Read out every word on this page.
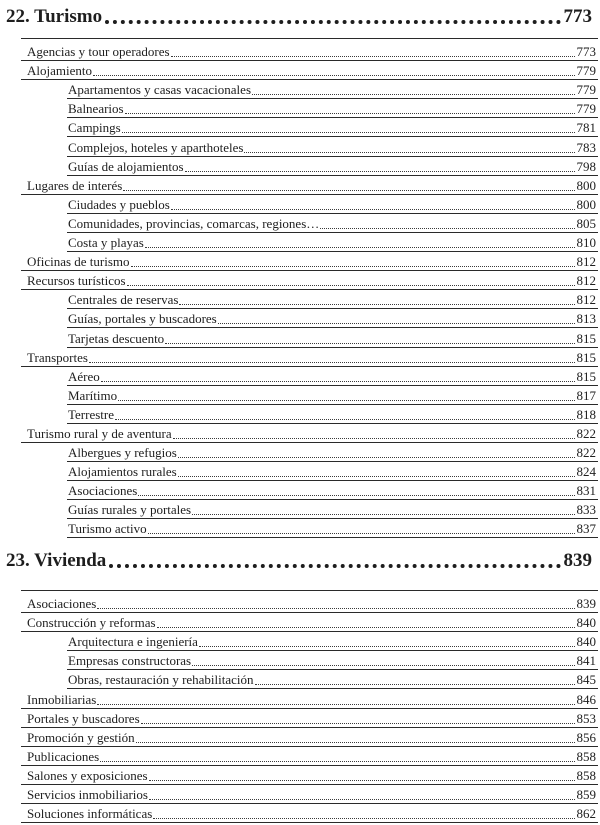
22. Turismo	773
Agencias y tour operadores	773
Alojamiento	779
Apartamentos y casas vacacionales	779
Balnearios	779
Campings	781
Complejos, hoteles y aparthoteles	783
Guías de alojamientos	798
Lugares de interés	800
Ciudades y pueblos	800
Comunidades, provincias, comarcas, regiones…	805
Costa y playas	810
Oficinas de turismo	812
Recursos turísticos	812
Centrales de reservas	812
Guías, portales y buscadores	813
Tarjetas descuento	815
Transportes	815
Aéreo	815
Marítimo	817
Terrestre	818
Turismo rural y de aventura	822
Albergues y refugios	822
Alojamientos rurales	824
Asociaciones	831
Guías rurales y portales	833
Turismo activo	837
23. Vivienda	839
Asociaciones	839
Construcción y reformas	840
Arquitectura e ingeniería	840
Empresas constructoras	841
Obras, restauración y rehabilitación	845
Inmobiliarias	846
Portales y buscadores	853
Promoción y gestión	856
Publicaciones	858
Salones y exposiciones	858
Servicios inmobiliarios	859
Soluciones informáticas	862
